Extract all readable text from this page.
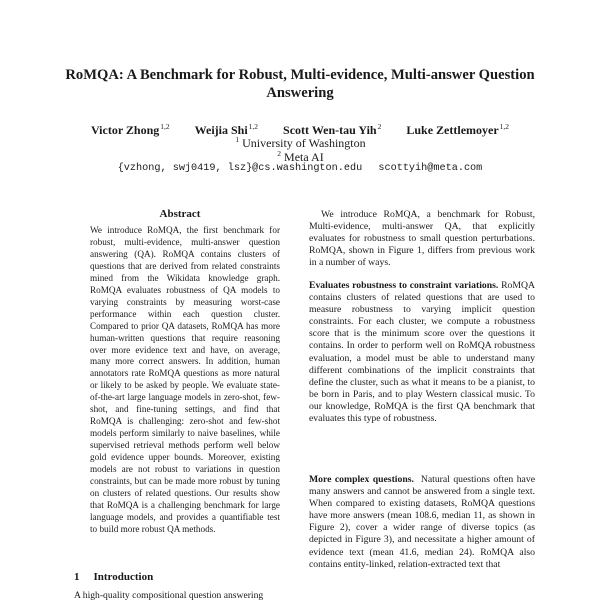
RoMQA: A Benchmark for Robust, Multi-evidence, Multi-answer Question
Answering
Victor Zhong$^{1,2}$ Weijia Shi$^{1,2}$ Scott Wen-tau Yih$^2$ Luke Zettlemoyer$^{1,2}$
$^1$ University of Washington
$^2$ Meta AI
{vzhong, swj0419, lsz}@cs.washington.edu scottyih@meta.com
Abstract
We introduce RoMQA, the first benchmark for robust, multi-evidence, multi-answer question answering (QA). RoMQA contains clusters of questions that are derived from related constraints mined from the Wikidata knowledge graph. RoMQA evaluates robustness of QA models to varying constraints by measuring worst-case performance within each question cluster. Compared to prior QA datasets, RoMQA has more human-written questions that require reasoning over more evidence text and have, on average, many more correct answers. In addition, human annotators rate RoMQA questions as more natural or likely to be asked by people. We evaluate state-of-the-art large language models in zero-shot, few-shot, and fine-tuning settings, and find that RoMQA is challenging: zero-shot and few-shot models perform similarly to naive baselines, while supervised retrieval methods perform well below gold evidence upper bounds. Moreover, existing models are not robust to variations in question constraints, but can be made more robust by tuning on clusters of related questions. Our results show that RoMQA is a challenging benchmark for large language models, and provides a quantifiable test to build more robust QA methods.
1 Introduction
A high-quality compositional question answering

We introduce RoMQA, a benchmark for Robust, Multi-evidence, multi-answer QA, that explicitly evaluates for robustness to small question perturbations. RoMQA, shown in Figure 1, differs from previous work in a number of ways.

Evaluates robustness to constraint variations. RoMQA contains clusters of related questions that are used to measure robustness to varying implicit question constraints. For each cluster, we compute a robustness score that is the minimum score over the questions it contains. In order to perform well on RoMQA robustness evaluation, a model must be able to understand many different combinations of the implicit constraints that define the cluster, such as what it means to be a pianist, to be born in Paris, and to play Western classical music. To our knowledge, RoMQA is the first QA benchmark that evaluates this type of robustness.

More complex questions. Natural questions often have many answers and cannot be answered from a single text. When compared to existing datasets, RoMQA questions have more answers (mean 108.6, median 11, as shown in Figure 2), cover a wider range of diverse topics (as depicted in Figure 3), and necessitate a higher amount of evidence text (mean 41.6, median 24). RoMQA also contains entity-linked, relation-extracted text that
